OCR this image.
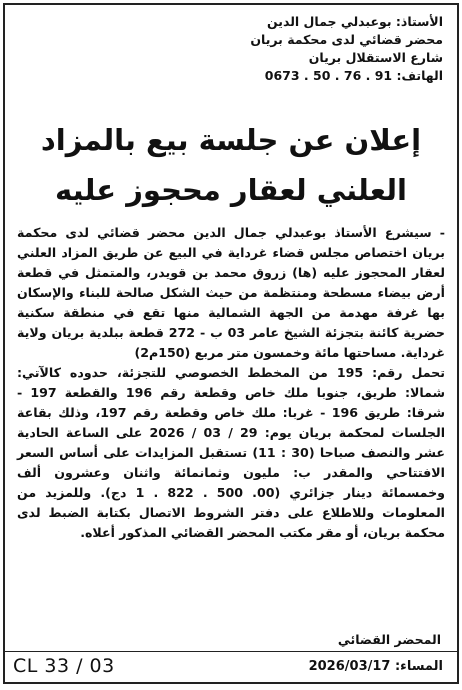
الأستاذ: بوعبدلي جمال الدين
محضر قضائي لدى محكمة بريان
شارع الاستقلال بريان
الهاتف: 91 . 76 . 50 . 0673
إعلان عن جلسة بيع بالمزاد
العلني لعقار محجوز عليه

- سيشرع الأستاذ بوعبدلي جمال الدين محضر قضائي لدى محكمة بريان اختصاص مجلس قضاء غرداية في البيع عن طريق المزاد العلني لعقار المحجوز عليه (ها) زروق محمد بن قويدر، والمتمثل في قطعة أرض بيضاء مسطحة ومنتظمة من حيث الشكل صالحة للبناء والإسكان بها غرفة مهدمة من الجهة الشمالية منها تقع في منطقة سكنية حضرية كائنة بتجزئة الشيخ عامر 03 ب - 272 قطعة ببلدية بريان ولاية غرداية. مساحتها مائة وخمسون متر مربع (150م2)

تحمل رقم: 195 من المخطط الخصوصي للتجزئة، حدوده كالآتي: شمالا: طريق، جنوبا ملك خاص وقطعة رقم 196 والقطعة 197 - شرقا: طريق 196 - غربا: ملك خاص وقطعة رقم 197، وذلك بقاعة الجلسات لمحكمة بريان يوم: 29 / 03 / 2026 على الساعة الحادية عشر والنصف صباحا (30 : 11) تستقبل المزايدات على أساس السعر الافتتاحي والمقدر ب: مليون وثمانمائة واثنان وعشرون ألف وخمسمائة دينار جزائري (00. 500 . 822 . 1 دج). وللمزيد من المعلومات وللاطلاع على دفتر الشروط الاتصال بكتابة الضبط لدى محكمة بريان، أو مقر مكتب المحضر القضائي المذكور أعلاه.

المحضر القضائي
CL 33 / 03	المساء: 2026/03/17
